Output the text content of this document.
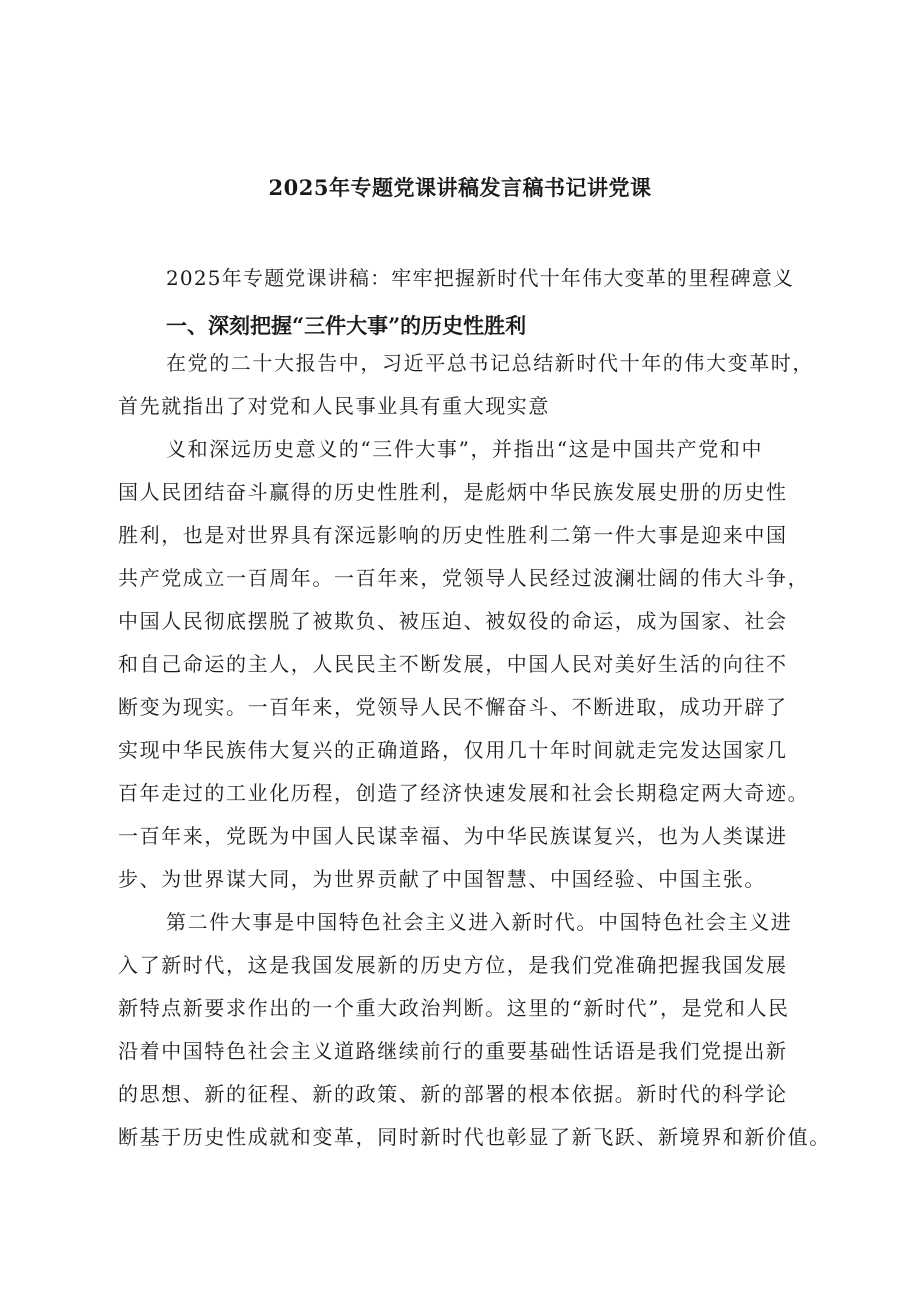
2025年专题党课讲稿发言稿书记讲党课
2025年专题党课讲稿：牢牢把握新时代十年伟大变革的里程碑意义
一、深刻把握“三件大事”的历史性胜利
在党的二十大报告中，习近平总书记总结新时代十年的伟大变革时，
首先就指出了对党和人民事业具有重大现实意
义和深远历史意义的“三件大事”，并指出“这是中国共产党和中
国人民团结奋斗赢得的历史性胜利，是彪炳中华民族发展史册的历史性
胜利，也是对世界具有深远影响的历史性胜利二第一件大事是迎来中国
共产党成立一百周年。一百年来，党领导人民经过波澜壮阔的伟大斗争，
中国人民彻底摆脱了被欺负、被压迫、被奴役的命运，成为国家、社会
和自己命运的主人，人民民主不断发展，中国人民对美好生活的向往不
断变为现实。一百年来，党领导人民不懈奋斗、不断进取，成功开辟了
实现中华民族伟大复兴的正确道路，仅用几十年时间就走完发达国家几
百年走过的工业化历程，创造了经济快速发展和社会长期稳定两大奇迹。
一百年来，党既为中国人民谋幸福、为中华民族谋复兴，也为人类谋进
步、为世界谋大同，为世界贡献了中国智慧、中国经验、中国主张。
第二件大事是中国特色社会主义进入新时代。中国特色社会主义进
入了新时代，这是我国发展新的历史方位，是我们党准确把握我国发展
新特点新要求作出的一个重大政治判断。这里的“新时代”，是党和人民
沿着中国特色社会主义道路继续前行的重要基础性话语是我们党提出新
的思想、新的征程、新的政策、新的部署的根本依据。新时代的科学论
断基于历史性成就和变革，同时新时代也彰显了新飞跃、新境界和新价值。
